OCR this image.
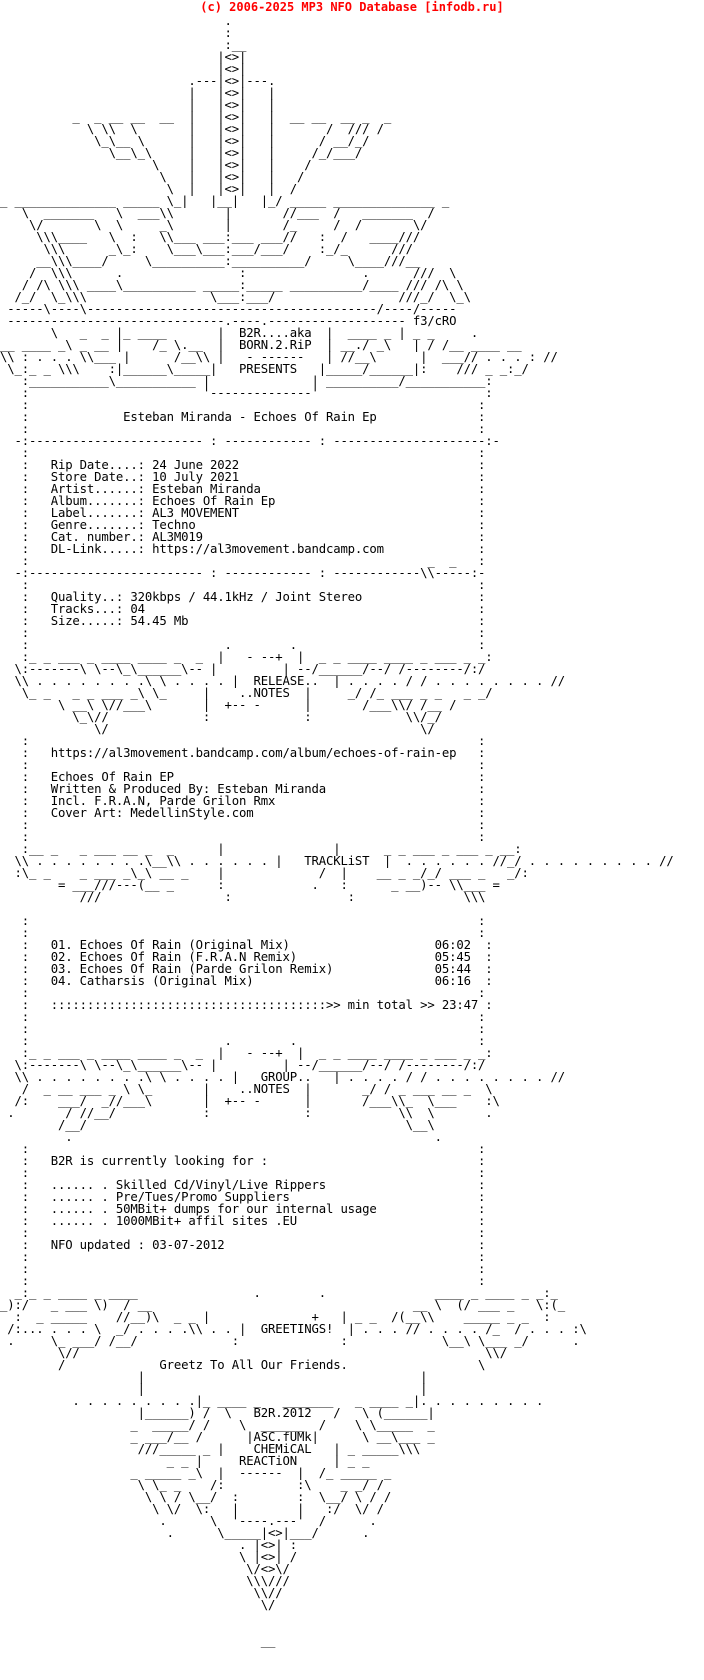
(c) 2006-2025 MP3 NFO Database [infodb.ru]
.
:
:__
|<>|
|<>|
.---|<>|---.
|   |<>|   |
|   |<>|   |
_  _ __ __  __  |   |<>|   |  __ __  __ _  _
\ \\  \       |   |<>|   |       /  /// /
\_\__ \      |   |<>|   |      / __/_/
\__\_\     |   |<>|   |     /_/___/
\    |   |<>|   |    /
\   |   |<>|   |   /
\  |   |<>|   |  /
_ ______________ _____ \_|   |__|   |_/ _____ ______________ _
\  _______   \  ___\\       |       //___  /   _______  /
\/       \  \     _\       |       /_     /  /       \/
\\\____   \  :   \\___ ___:___ ___//   :  /   ____///
\\\      _\_:    \___\___:___/___/    :_/_      ///
__\\\____/     \__________:__________/     \____///__
/  \\\      .                :                .      ///  \
/ /\ \\\ ____\__________ _____:_____ __________/____ /// /\ \
/_/  \_\\\                 \___:___/                 ///_/  \_\
-----\----\----------------------------------------/----/-----
------------------------------.----.------------------- f3/cRO
\   _  _ |_ ____       |  B2R....aka  |  ____ _ | _ _     .
__ ____ _\ _ __ |    /_ \.__  |  BORN.2.RiP  | __./ _\   | / /__ ____ __
\\ : . . . \\___ |      /__\\ |   - ------   | //__\      |  ___// . . . : //
\_:_ _ \\\    :|______\_____|   PRESENTS   |_____/______|:    /// _ _:_/
:___________\___________ |              | __________/___________:
:                        '--------------'                       :
:                                                              :
:             Esteban Miranda - Echoes Of Rain Ep              :
:                                                              :
-:------------------------ : ------------ : ---------------------:-
:                                                              :
:   Rip Date....: 24 June 2022                                 :
:   Store Date..: 10 July 2021                                 :
:   Artist......: Esteban Miranda                              :
:   Album.......: Echoes Of Rain Ep                            :
:   Label.......: AL3 MOVEMENT                                 :
:   Genre.......: Techno                                       :
:   Cat. number.: AL3M019                                      :
:   DL-Link.....: https://al3movement.bandcamp.com             :
:                                                       _  _   :
-:------------------------ : ------------ : ------------\\-----:-
:                                                              :
:   Quality..: 320kbps / 44.1kHz / Joint Stereo                :
:   Tracks...: 04                                              :
:   Size.....: 54.45 Mb                                        :
:                                                              :
:                           .        .                         :
:_ _ ___ _ ____ ____ _  _  |   - --+  |  _ _ ____ ____ _ ___ _ _:
\:-------\ \--\_\______\-- |         | --/______/--/ /--------/:/
\\ . . . . . . . .\ \ . . . . |  RELEASE..  | . . . . / / . . . . . . . . //
\_ _   _ _ ___ _\ \_     |    ..NOTES  |     _/ /_ ___ _ _   _ _/
\ __\ \//___\       |  +-- -      |       /___\\/ /__ /
\_\//             :             :             \\/_/
\/                                           \/
:                                                              :
:   https://al3movement.bandcamp.com/album/echoes-of-rain-ep   :
:                                                              :
:   Echoes Of Rain EP                                          :
:   Written & Produced By: Esteban Miranda                     :
:   Incl. F.R.A.N, Parde Grilon Rmx                            :
:   Cover Art: MedellinStyle.com                               :
:                                                              :
:                                                              :
:__ _   _ ___ __ _  _      |               |      _ _ ___ _ ___ _ __:
\\ . . . . . . . .\__\\ . . . . . . |   TRACKLiST  |  . . . . . . //_/ . . . . . . . . . //
:\_ _    _ ___ _\_\ __ _    |             /  |    __ _ _/_/ ___ _   _/:
= ___///---(__ _      :            .   :      _ __)-- \\___ =
///                 :                :               \\\

:                                                              :
:                                                              :
:   01. Echoes Of Rain (Original Mix)                    06:02  :
:   02. Echoes Of Rain (F.R.A.N Remix)                   05:45  :
:   03. Echoes Of Rain (Parde Grilon Remix)              05:44  :
:   04. Catharsis (Original Mix)                         06:16  :
:                                                              :
:   ::::::::::::::::::::::::::::::::::::::>> min total >> 23:47 :
:                                                              :
:                                                              :
:                           .        .                         :
:_ _ ___ _ ____ ____ _  _  |   - --+  |  _ _ ____ ____ _ ___ _ _:
\:-------\ \--\_\______\-- |         | --/______/--/ /--------/:/
\\ . . . . . . . .\ \ . . . . |   GROUP..   | . . . . / / . . . . . . . . //
/  _ __ ___ _ \ \_       |    ..NOTES  |       _/ / _ ___ __ _  \
/:    ___/  _//___\       |  +-- -      |       /___\\_  \___    :\
.       / //__/            :             :            \\  \       .
/__/                                            \__\
.                                                  .
:                                                              :
:   B2R is currently looking for :                             :
:                                                              :
:   ...... . Skilled Cd/Vinyl/Live Rippers                     :
:   ...... . Pre/Tues/Promo Suppliers                          :
:   ...... . 50MBit+ dumps for our internal usage              :
:   ...... . 1000MBit+ affil sites .EU                         :
:                                                              :
:   NFO updated : 03-07-2012                                   :
:                                                              :
:                                                              :
:                                                              :
_:_ _ ____ _ ____                .        .               ____ _ ____ _ _:_
_):/   _ ___ \)  / __                                    __ \  (/ ___ _   \:(_
:  _ _____    //__)\  _ _ |              +   | _ _  /(__\\    _____ _ _  :
/:... . . . \  _/ . . . .\\ . . |  GREETINGS!  | . . . // . . . . /_  / . . . :\
.     \_ ___/ /__/             :              :             \__\ \___ _/      .
\//                                                        \\/
/             Greetz To All Our Friends.                  \
|                                      |
|                                      |
. . . . . . . . .|_ ____ _   _______   _ ____ _|. . . . . . . . .
|______) /  \   B2R.2012   /   \ (______|
_  _____/ /    \  ______  /    \ \_____  _
_ ___/__ /      |ASC.fUMk|      \ __\___ _
///_____ _ |    CHEMiCAL   | _ _____\\\
_ _ |     REACTiON     | _ _
_ _____ _\  |  ------  |  /_ _____ _
\ \_ _    /:          :\    _ _/ /
\ \ / \__/  :        :  \__/ \ / /
\ \/  \:   |        |   :/  \/ /
.      \  '----.---'  /      .
.      \_____|<>|___/      .
. |<>| :
\ |<>| /
\/<>\/
\\\///
\\//
\/

__
